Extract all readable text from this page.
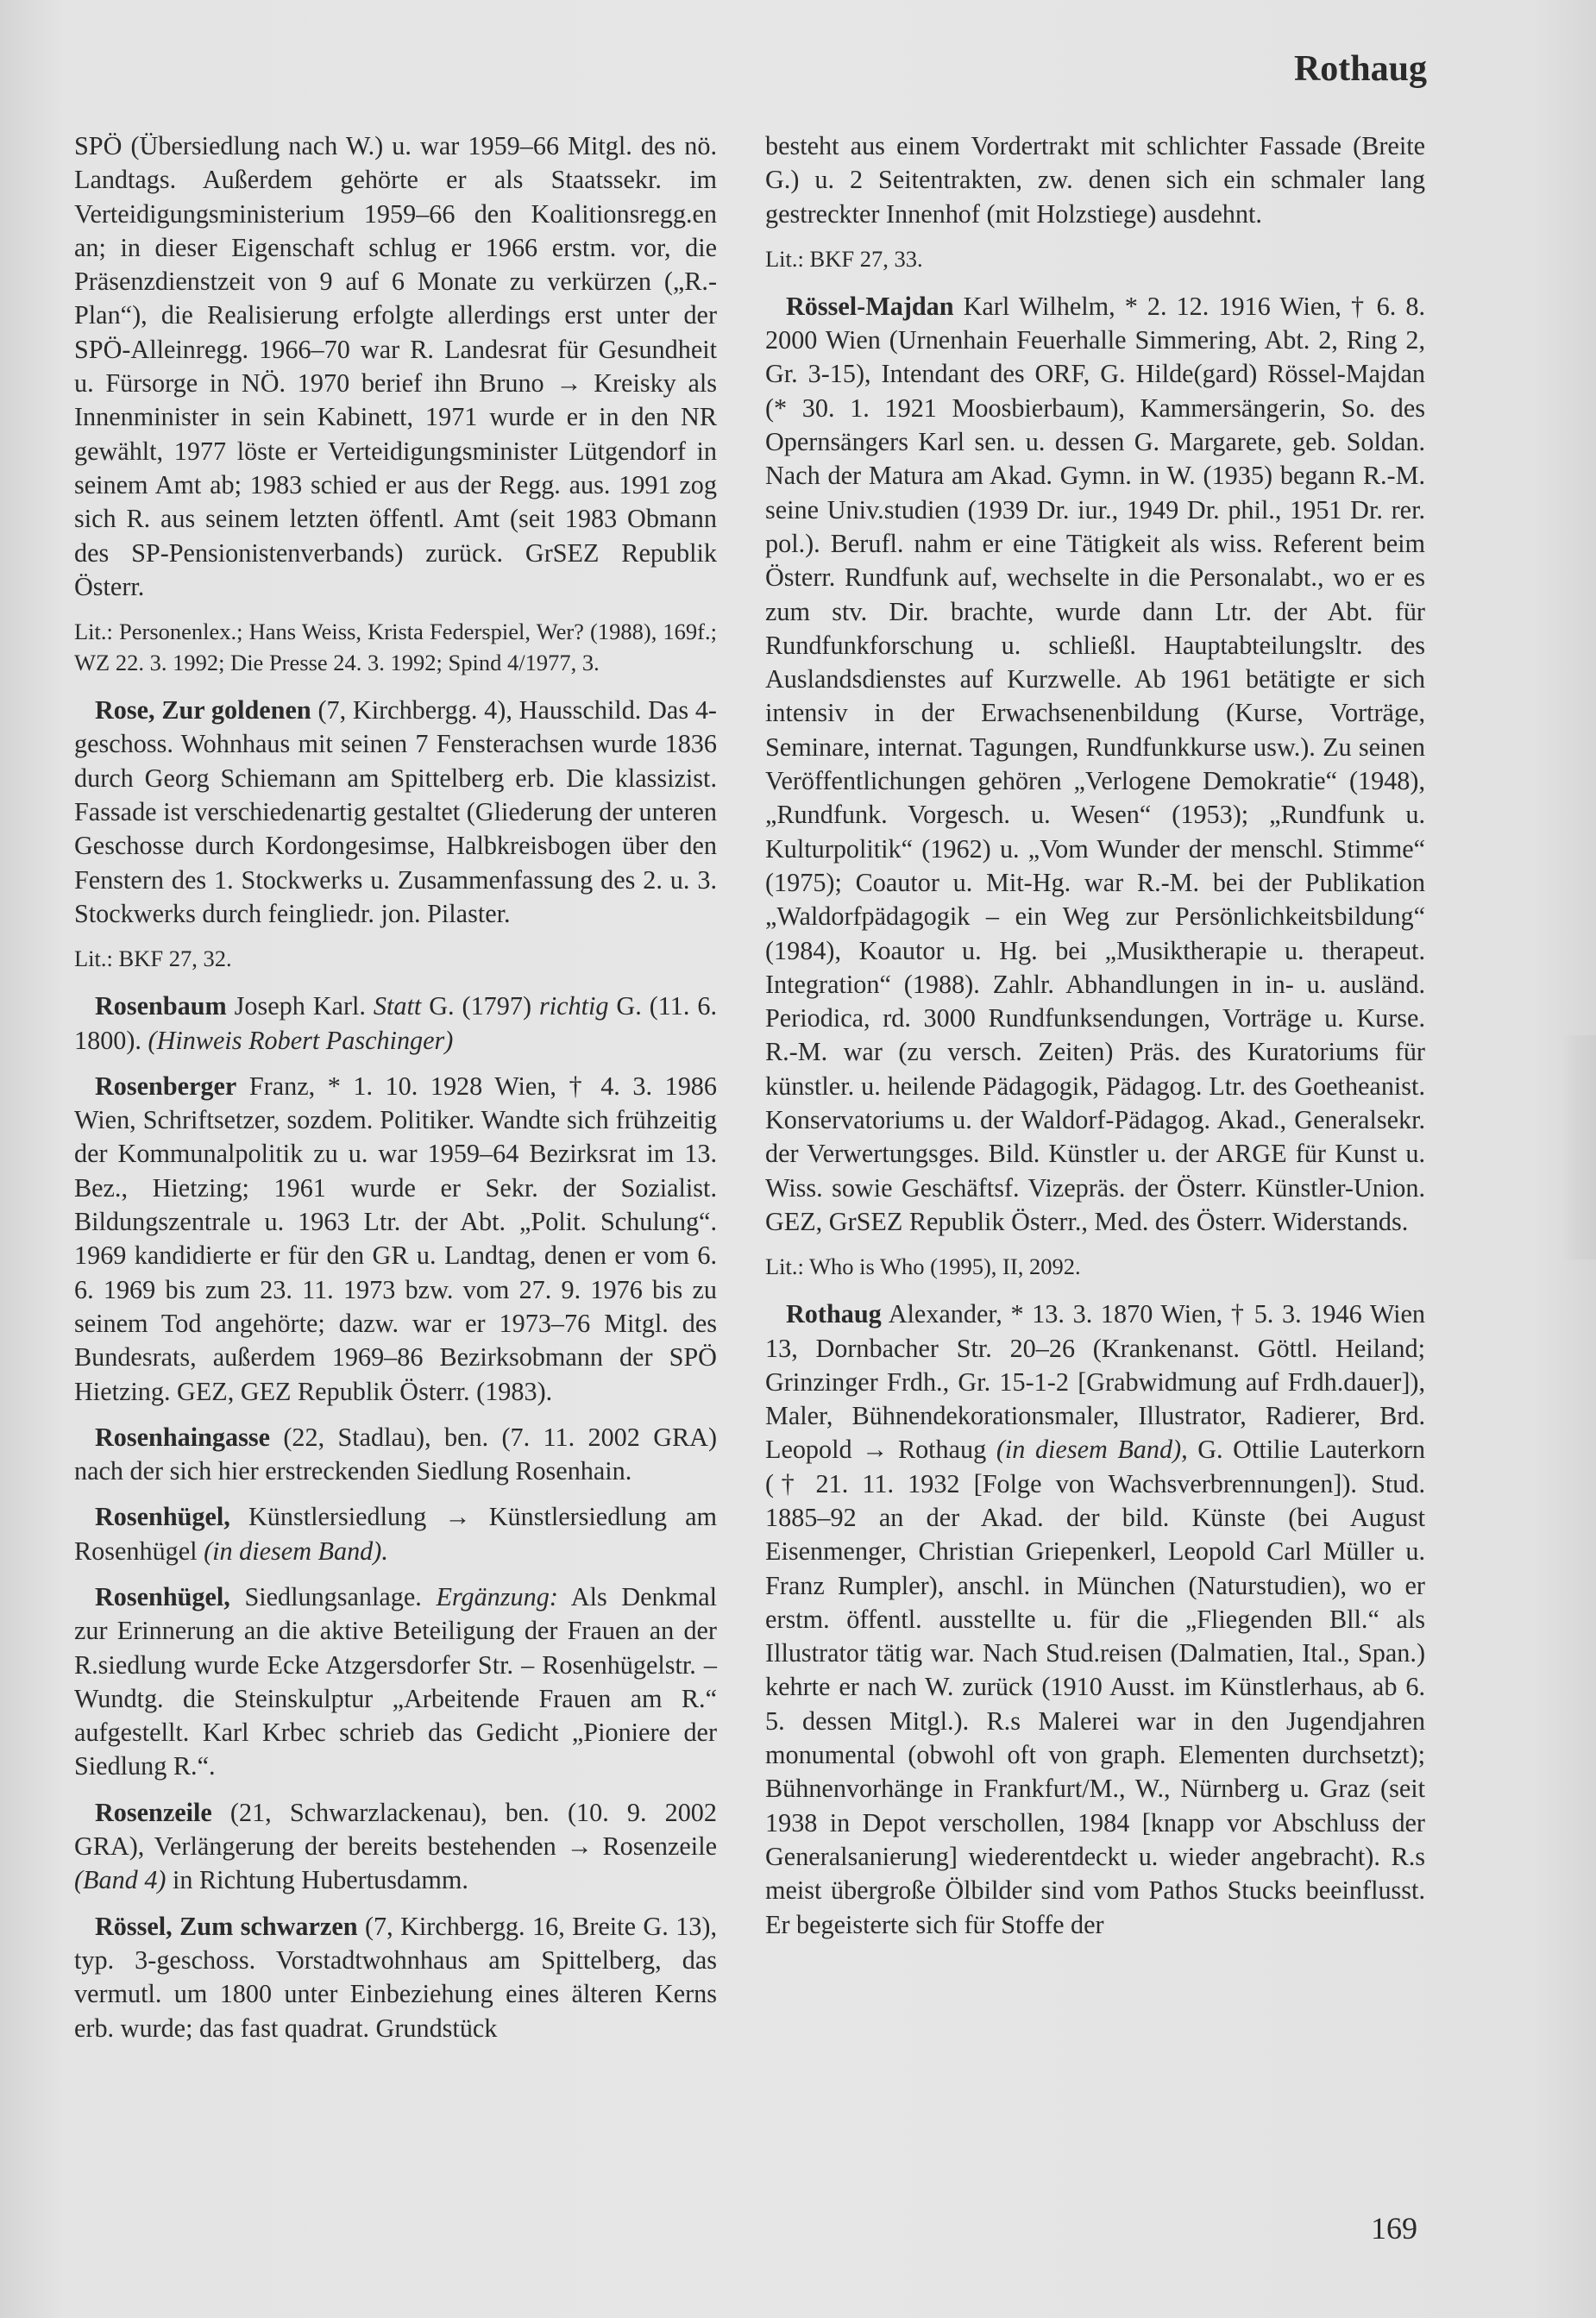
Rothaug

SPÖ (Übersiedlung nach W.) u. war 1959–66 Mitgl. des nö. Landtags. Außerdem gehörte er als Staatssekr. im Verteidigungsministerium 1959–66 den Koalitionsregg.en an; in dieser Eigenschaft schlug er 1966 erstm. vor, die Präsenzdienstzeit von 9 auf 6 Monate zu verkürzen („R.-Plan“), die Realisierung erfolgte allerdings erst unter der SPÖ-Alleinregg. 1966–70 war R. Landesrat für Gesundheit u. Fürsorge in NÖ. 1970 berief ihn Bruno → Kreisky als Innenminister in sein Kabinett, 1971 wurde er in den NR gewählt, 1977 löste er Verteidigungsminister Lütgendorf in seinem Amt ab; 1983 schied er aus der Regg. aus. 1991 zog sich R. aus seinem letzten öffentl. Amt (seit 1983 Obmann des SP-Pensionistenverbands) zurück. GrSEZ Republik Österr.

Lit.: Personenlex.; Hans Weiss, Krista Federspiel, Wer? (1988), 169f.; WZ 22. 3. 1992; Die Presse 24. 3. 1992; Spind 4/1977, 3.

Rose, Zur goldenen (7, Kirchbergg. 4), Hausschild. Das 4-geschoss. Wohnhaus mit seinen 7 Fensterachsen wurde 1836 durch Georg Schiemann am Spittelberg erb. Die klassizist. Fassade ist verschiedenartig gestaltet (Gliederung der unteren Geschosse durch Kordongesimse, Halbkreisbogen über den Fenstern des 1. Stockwerks u. Zusammenfassung des 2. u. 3. Stockwerks durch feingliedr. jon. Pilaster.

Lit.: BKF 27, 32.

Rosenbaum Joseph Karl. Statt G. (1797) richtig G. (11. 6. 1800). (Hinweis Robert Paschinger)

Rosenberger Franz, * 1. 10. 1928 Wien, † 4. 3. 1986 Wien, Schriftsetzer, sozdem. Politiker. Wandte sich frühzeitig der Kommunalpolitik zu u. war 1959–64 Bezirksrat im 13. Bez., Hietzing; 1961 wurde er Sekr. der Sozialist. Bildungszentrale u. 1963 Ltr. der Abt. „Polit. Schulung“. 1969 kandidierte er für den GR u. Landtag, denen er vom 6. 6. 1969 bis zum 23. 11. 1973 bzw. vom 27. 9. 1976 bis zu seinem Tod angehörte; dazw. war er 1973–76 Mitgl. des Bundesrats, außerdem 1969–86 Bezirksobmann der SPÖ Hietzing. GEZ, GEZ Republik Österr. (1983).

Rosenhaingasse (22, Stadlau), ben. (7. 11. 2002 GRA) nach der sich hier erstreckenden Siedlung Rosenhain.

Rosenhügel, Künstlersiedlung → Künstlersiedlung am Rosenhügel (in diesem Band).

Rosenhügel, Siedlungsanlage. Ergänzung: Als Denkmal zur Erinnerung an die aktive Beteiligung der Frauen an der R.siedlung wurde Ecke Atzgersdorfer Str. – Rosenhügelstr. – Wundtg. die Steinskulptur „Arbeitende Frauen am R.“ aufgestellt. Karl Krbec schrieb das Gedicht „Pioniere der Siedlung R.“.

Rosenzeile (21, Schwarzlackenau), ben. (10. 9. 2002 GRA), Verlängerung der bereits bestehenden → Rosenzeile (Band 4) in Richtung Hubertusdamm.

Rössel, Zum schwarzen (7, Kirchbergg. 16, Breite G. 13), typ. 3-geschoss. Vorstadtwohnhaus am Spittelberg, das vermutl. um 1800 unter Einbeziehung eines älteren Kerns erb. wurde; das fast quadrat. Grundstück

besteht aus einem Vordertrakt mit schlichter Fassade (Breite G.) u. 2 Seitentrakten, zw. denen sich ein schmaler lang gestreckter Innenhof (mit Holzstiege) ausdehnt.

Lit.: BKF 27, 33.

Rössel-Majdan Karl Wilhelm, * 2. 12. 1916 Wien, † 6. 8. 2000 Wien (Urnenhain Feuerhalle Simmering, Abt. 2, Ring 2, Gr. 3-15), Intendant des ORF, G. Hilde(gard) Rössel-Majdan (* 30. 1. 1921 Moosbierbaum), Kammersängerin, So. des Opernsängers Karl sen. u. dessen G. Margarete, geb. Soldan. Nach der Matura am Akad. Gymn. in W. (1935) begann R.-M. seine Univ.studien (1939 Dr. iur., 1949 Dr. phil., 1951 Dr. rer. pol.). Berufl. nahm er eine Tätigkeit als wiss. Referent beim Österr. Rundfunk auf, wechselte in die Personalabt., wo er es zum stv. Dir. brachte, wurde dann Ltr. der Abt. für Rundfunkforschung u. schließl. Hauptabteilungsltr. des Auslandsdienstes auf Kurzwelle. Ab 1961 betätigte er sich intensiv in der Erwachsenenbildung (Kurse, Vorträge, Seminare, internat. Tagungen, Rundfunkkurse usw.). Zu seinen Veröffentlichungen gehören „Verlogene Demokratie“ (1948), „Rundfunk. Vorgesch. u. Wesen“ (1953); „Rundfunk u. Kulturpolitik“ (1962) u. „Vom Wunder der menschl. Stimme“ (1975); Coautor u. Mit-Hg. war R.-M. bei der Publikation „Waldorfpädagogik – ein Weg zur Persönlichkeitsbildung“ (1984), Koautor u. Hg. bei „Musiktherapie u. therapeut. Integration“ (1988). Zahlr. Abhandlungen in in- u. ausländ. Periodica, rd. 3000 Rundfunksendungen, Vorträge u. Kurse. R.-M. war (zu versch. Zeiten) Präs. des Kuratoriums für künstler. u. heilende Pädagogik, Pädagog. Ltr. des Goetheanist. Konservatoriums u. der Waldorf-Pädagog. Akad., Generalsekr. der Verwertungsges. Bild. Künstler u. der ARGE für Kunst u. Wiss. sowie Geschäftsf. Vizepräs. der Österr. Künstler-Union. GEZ, GrSEZ Republik Österr., Med. des Österr. Widerstands.

Lit.: Who is Who (1995), II, 2092.

Rothaug Alexander, * 13. 3. 1870 Wien, † 5. 3. 1946 Wien 13, Dornbacher Str. 20–26 (Krankenanst. Göttl. Heiland; Grinzinger Frdh., Gr. 15-1-2 [Grabwidmung auf Frdh.dauer]), Maler, Bühnendekorationsmaler, Illustrator, Radierer, Brd. Leopold → Rothaug (in diesem Band), G. Ottilie Lauterkorn († 21. 11. 1932 [Folge von Wachsverbrennungen]). Stud. 1885–92 an der Akad. der bild. Künste (bei August Eisenmenger, Christian Griepenkerl, Leopold Carl Müller u. Franz Rumpler), anschl. in München (Naturstudien), wo er erstm. öffentl. ausstellte u. für die „Fliegenden Bll.“ als Illustrator tätig war. Nach Stud.reisen (Dalmatien, Ital., Span.) kehrte er nach W. zurück (1910 Ausst. im Künstlerhaus, ab 6. 5. dessen Mitgl.). R.s Malerei war in den Jugendjahren monumental (obwohl oft von graph. Elementen durchsetzt); Bühnenvorhänge in Frankfurt/M., W., Nürnberg u. Graz (seit 1938 in Depot verschollen, 1984 [knapp vor Abschluss der Generalsanierung] wiederentdeckt u. wieder angebracht). R.s meist übergroße Ölbilder sind vom Pathos Stucks beeinflusst. Er begeisterte sich für Stoffe der

169
